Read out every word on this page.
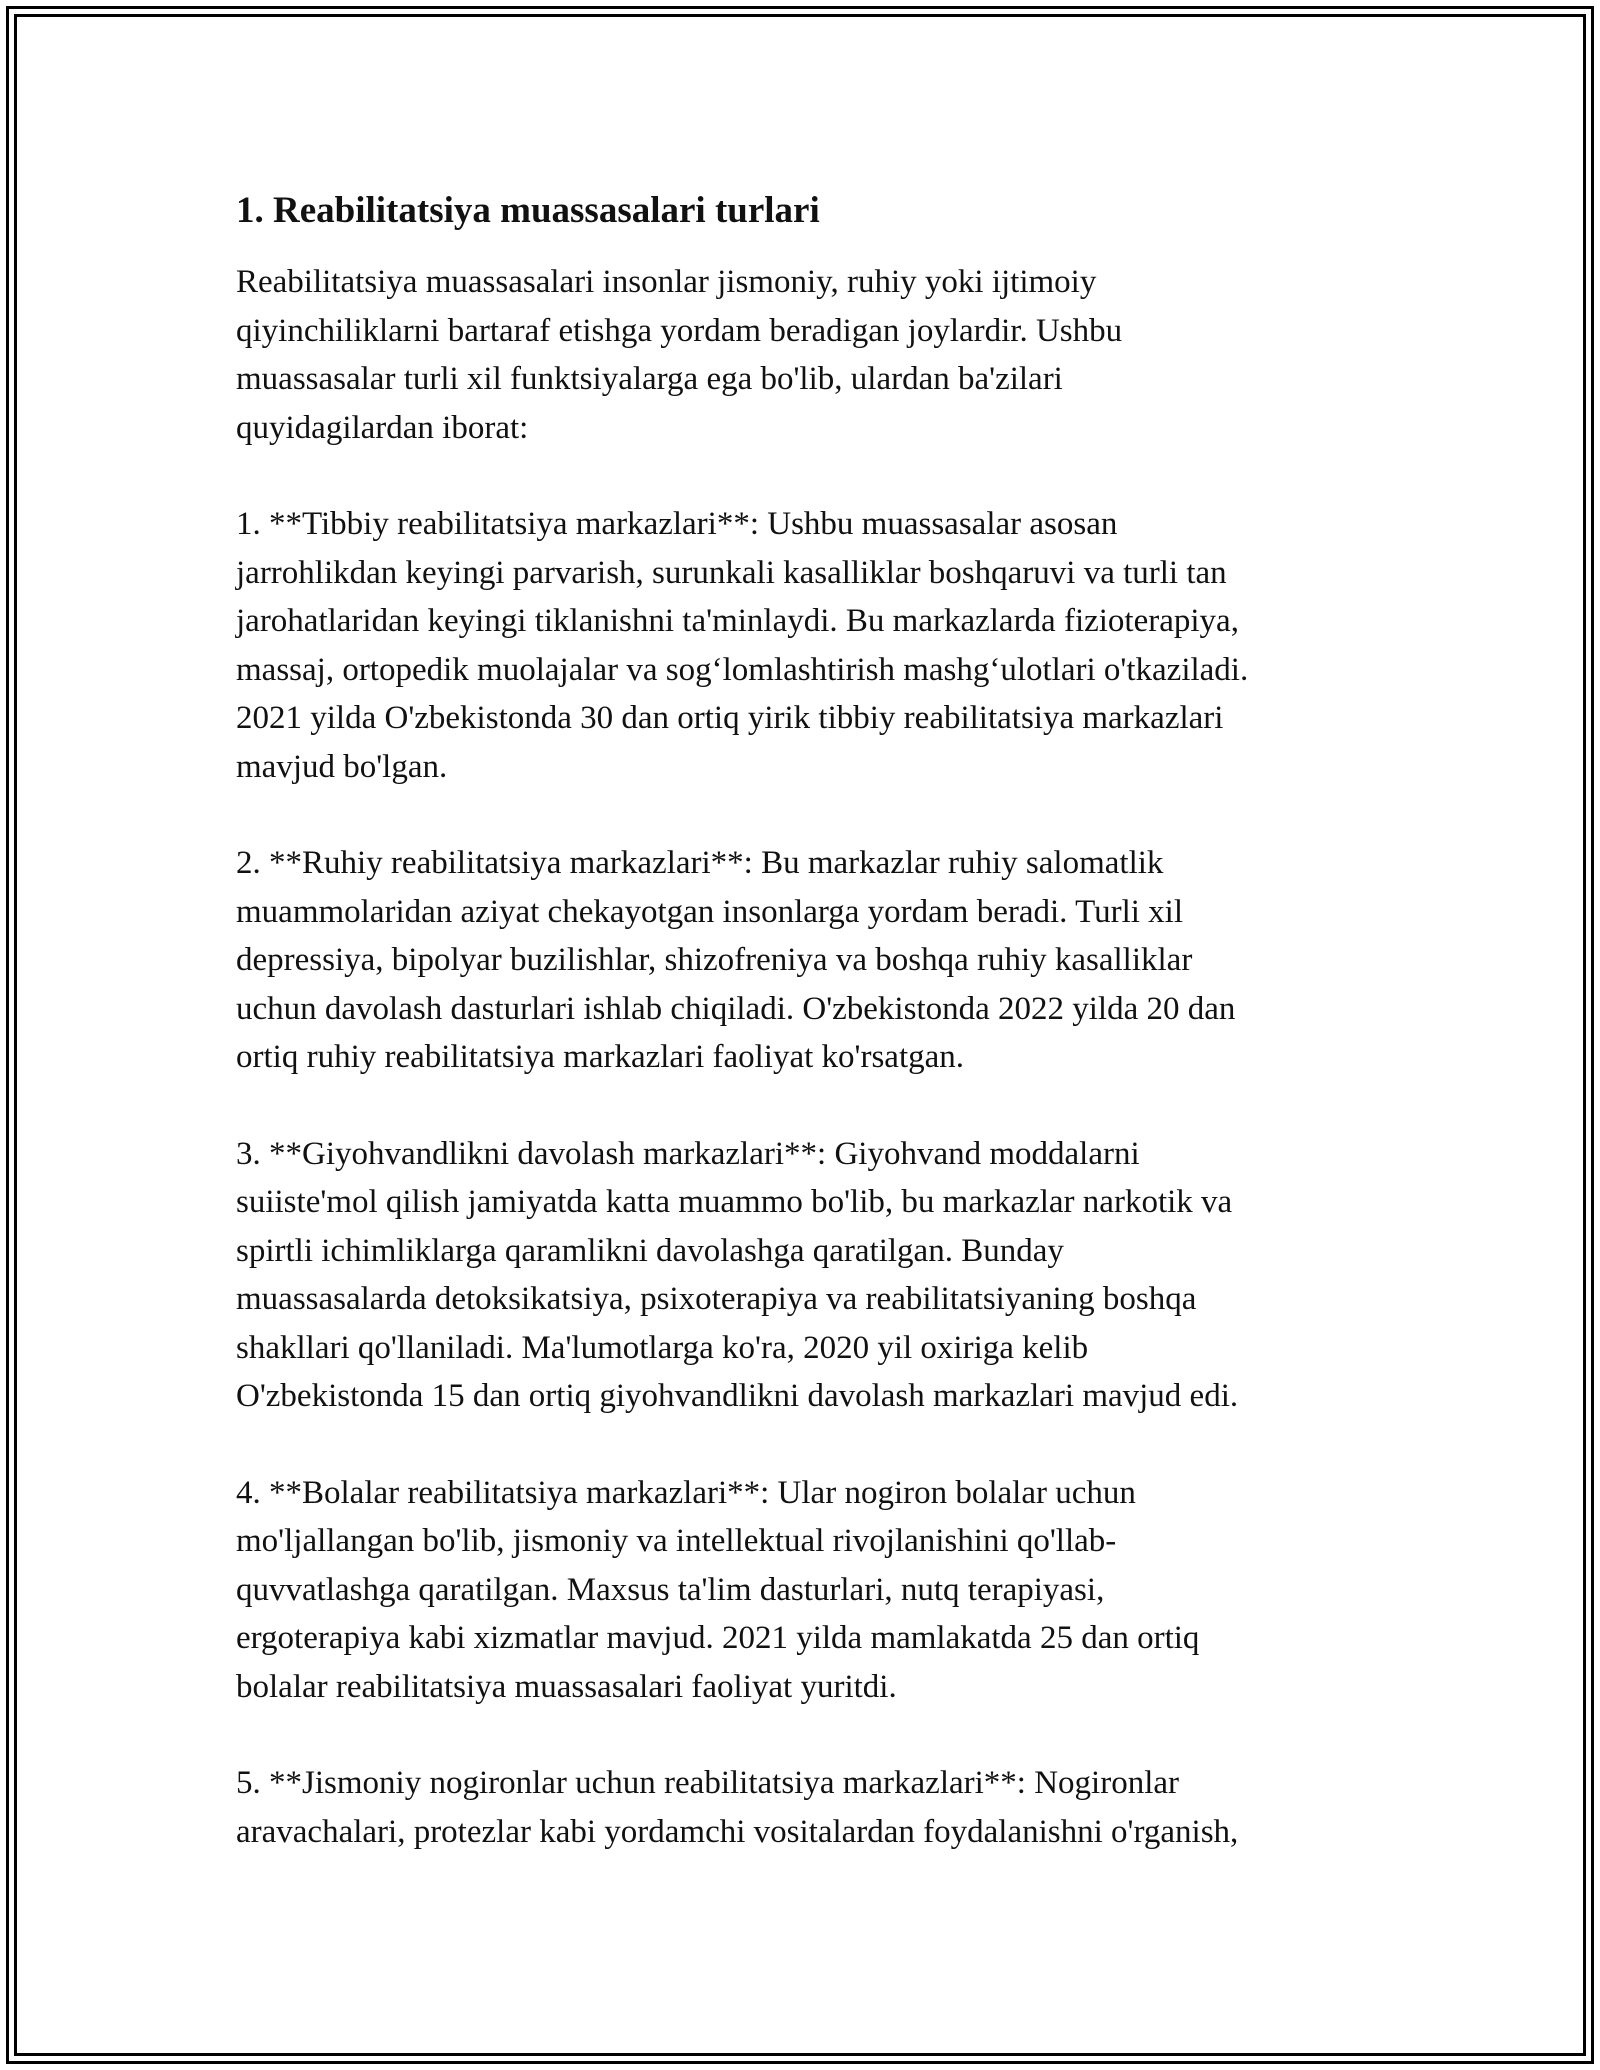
1. Reabilitatsiya muassasalari turlari

Reabilitatsiya muassasalari insonlar jismoniy, ruhiy yoki ijtimoiy
qiyinchiliklarni bartaraf etishga yordam beradigan joylardir. Ushbu
muassasalar turli xil funktsiyalarga ega bo'lib, ulardan ba'zilari
quyidagilardan iborat:

1. **Tibbiy reabilitatsiya markazlari**: Ushbu muassasalar asosan
jarrohlikdan keyingi parvarish, surunkali kasalliklar boshqaruvi va turli tan
jarohatlaridan keyingi tiklanishni ta'minlaydi. Bu markazlarda fizioterapiya,
massaj, ortopedik muolajalar va sog‘lomlashtirish mashg‘ulotlari o'tkaziladi.
2021 yilda O'zbekistonda 30 dan ortiq yirik tibbiy reabilitatsiya markazlari
mavjud bo'lgan.

2. **Ruhiy reabilitatsiya markazlari**: Bu markazlar ruhiy salomatlik
muammolaridan aziyat chekayotgan insonlarga yordam beradi. Turli xil
depressiya, bipolyar buzilishlar, shizofreniya va boshqa ruhiy kasalliklar
uchun davolash dasturlari ishlab chiqiladi. O'zbekistonda 2022 yilda 20 dan
ortiq ruhiy reabilitatsiya markazlari faoliyat ko'rsatgan.

3. **Giyohvandlikni davolash markazlari**: Giyohvand moddalarni
suiiste'mol qilish jamiyatda katta muammo bo'lib, bu markazlar narkotik va
spirtli ichimliklarga qaramlikni davolashga qaratilgan. Bunday
muassasalarda detoksikatsiya, psixoterapiya va reabilitatsiyaning boshqa
shakllari qo'llaniladi. Ma'lumotlarga ko'ra, 2020 yil oxiriga kelib
O'zbekistonda 15 dan ortiq giyohvandlikni davolash markazlari mavjud edi.

4. **Bolalar reabilitatsiya markazlari**: Ular nogiron bolalar uchun
mo'ljallangan bo'lib, jismoniy va intellektual rivojlanishini qo'llab-
quvvatlashga qaratilgan. Maxsus ta'lim dasturlari, nutq terapiyasi,
ergoterapiya kabi xizmatlar mavjud. 2021 yilda mamlakatda 25 dan ortiq
bolalar reabilitatsiya muassasalari faoliyat yuritdi.

5. **Jismoniy nogironlar uchun reabilitatsiya markazlari**: Nogironlar
aravachalari, protezlar kabi yordamchi vositalardan foydalanishni o'rganish,
